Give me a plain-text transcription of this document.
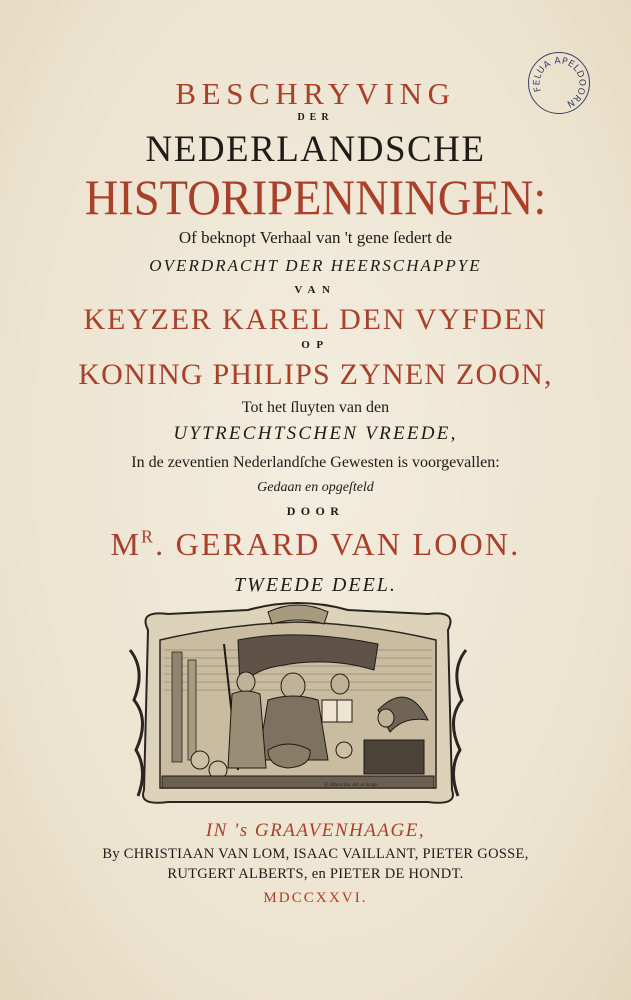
FELUA APELDOORN
BESCHRYVING
DER
NEDERLANDSCHE
HISTORIPENNINGEN:
Of beknopt Verhaal van 't gene ſedert de
OVERDRACHT DER HEERSCHAPPYE
VAN
KEYZER KAREL DEN VYFDEN
OP
KONING PHILIPS ZYNEN ZOON,
Tot het ſluyten van den
UYTRECHTSCHEN VREEDE,
In de zeventien Nederlandſche Gewesten is voorgevallen:
Gedaan en opgeſteld
DOOR
$M^R$. GERARD VAN LOON.
TWEEDE DEEL.
F. Ottens inv. del. et Sculp.
IN 's GRAAVENHAAGE,
By CHRISTIAAN VAN LOM, ISAAC VAILLANT, PIETER GOSSE,
RUTGERT ALBERTS, en PIETER DE HONDT.
MDCCXXVI.
